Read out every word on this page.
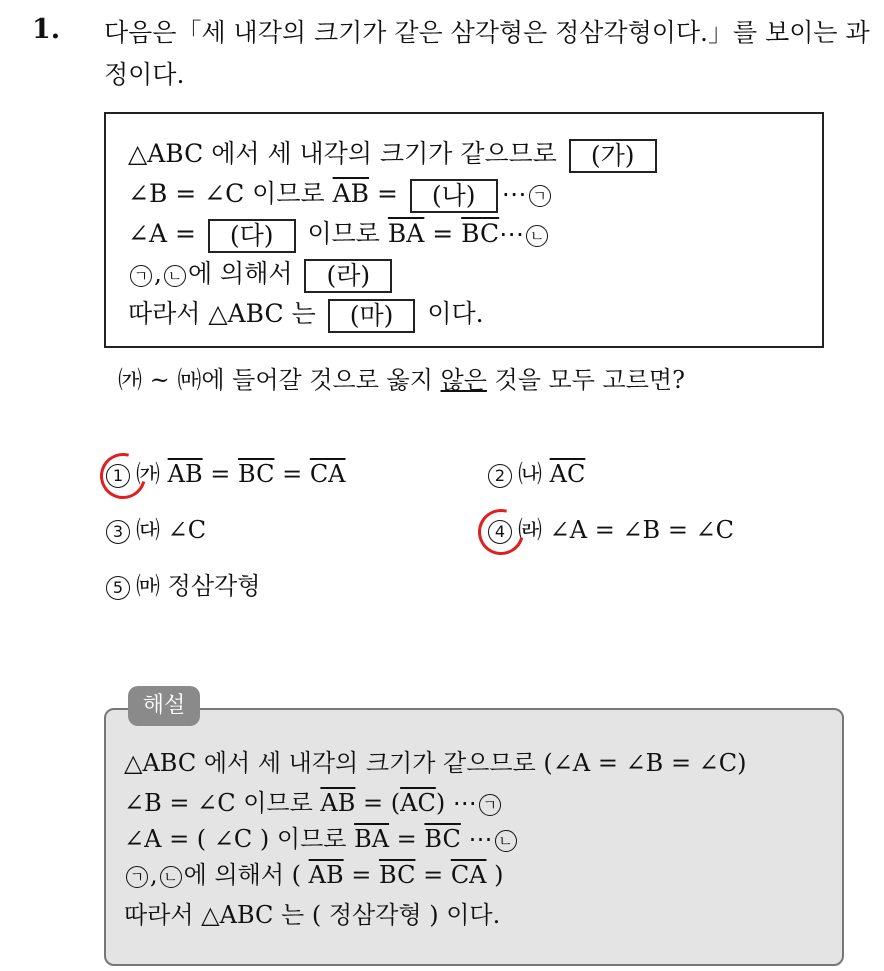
1. 다음은「세 내각의 크기가 같은 삼각형은 정삼각형이다.」를 보이는 과정이다.
△ABC 에서 세 내각의 크기가 같으므로 (가)
∠B = ∠C 이므로 $\overline{AB}$ = (나) ⋯ ㄱ
∠A = (다) 이므로 $\overline{BA}$ = $\overline{BC}\cdots$ ㄴ
ㄱ , ㄴ 에 의해서 (라)
따라서 △ABC 는 (마) 이다.
㈎ ~ ㈒에 들어갈 것으로 옳지 않은 것을 모두 고르면?
1 ㈎ $\overline{AB} = \overline{BC} = \overline{CA}$	2 ㈏ $\overline{AC}$
3 ㈐ ∠C	4 ㈑ ∠A = ∠B = ∠C
5 ㈒ 정삼각형
△ABC 에서 세 내각의 크기가 같으므로 (∠A = ∠B = ∠C)
∠B = ∠C 이므로 $\overline{AB} = (\overline{AC})$ ⋯ ㄱ
∠A = ( ∠C ) 이므로 $\overline{BA} = \overline{BC}$ ⋯ ㄴ
ㄱ , ㄴ 에 의해서 ( $\overline{AB} = \overline{BC} = \overline{CA}$ )
따라서 △ABC 는 ( 정삼각형 ) 이다.
해설
